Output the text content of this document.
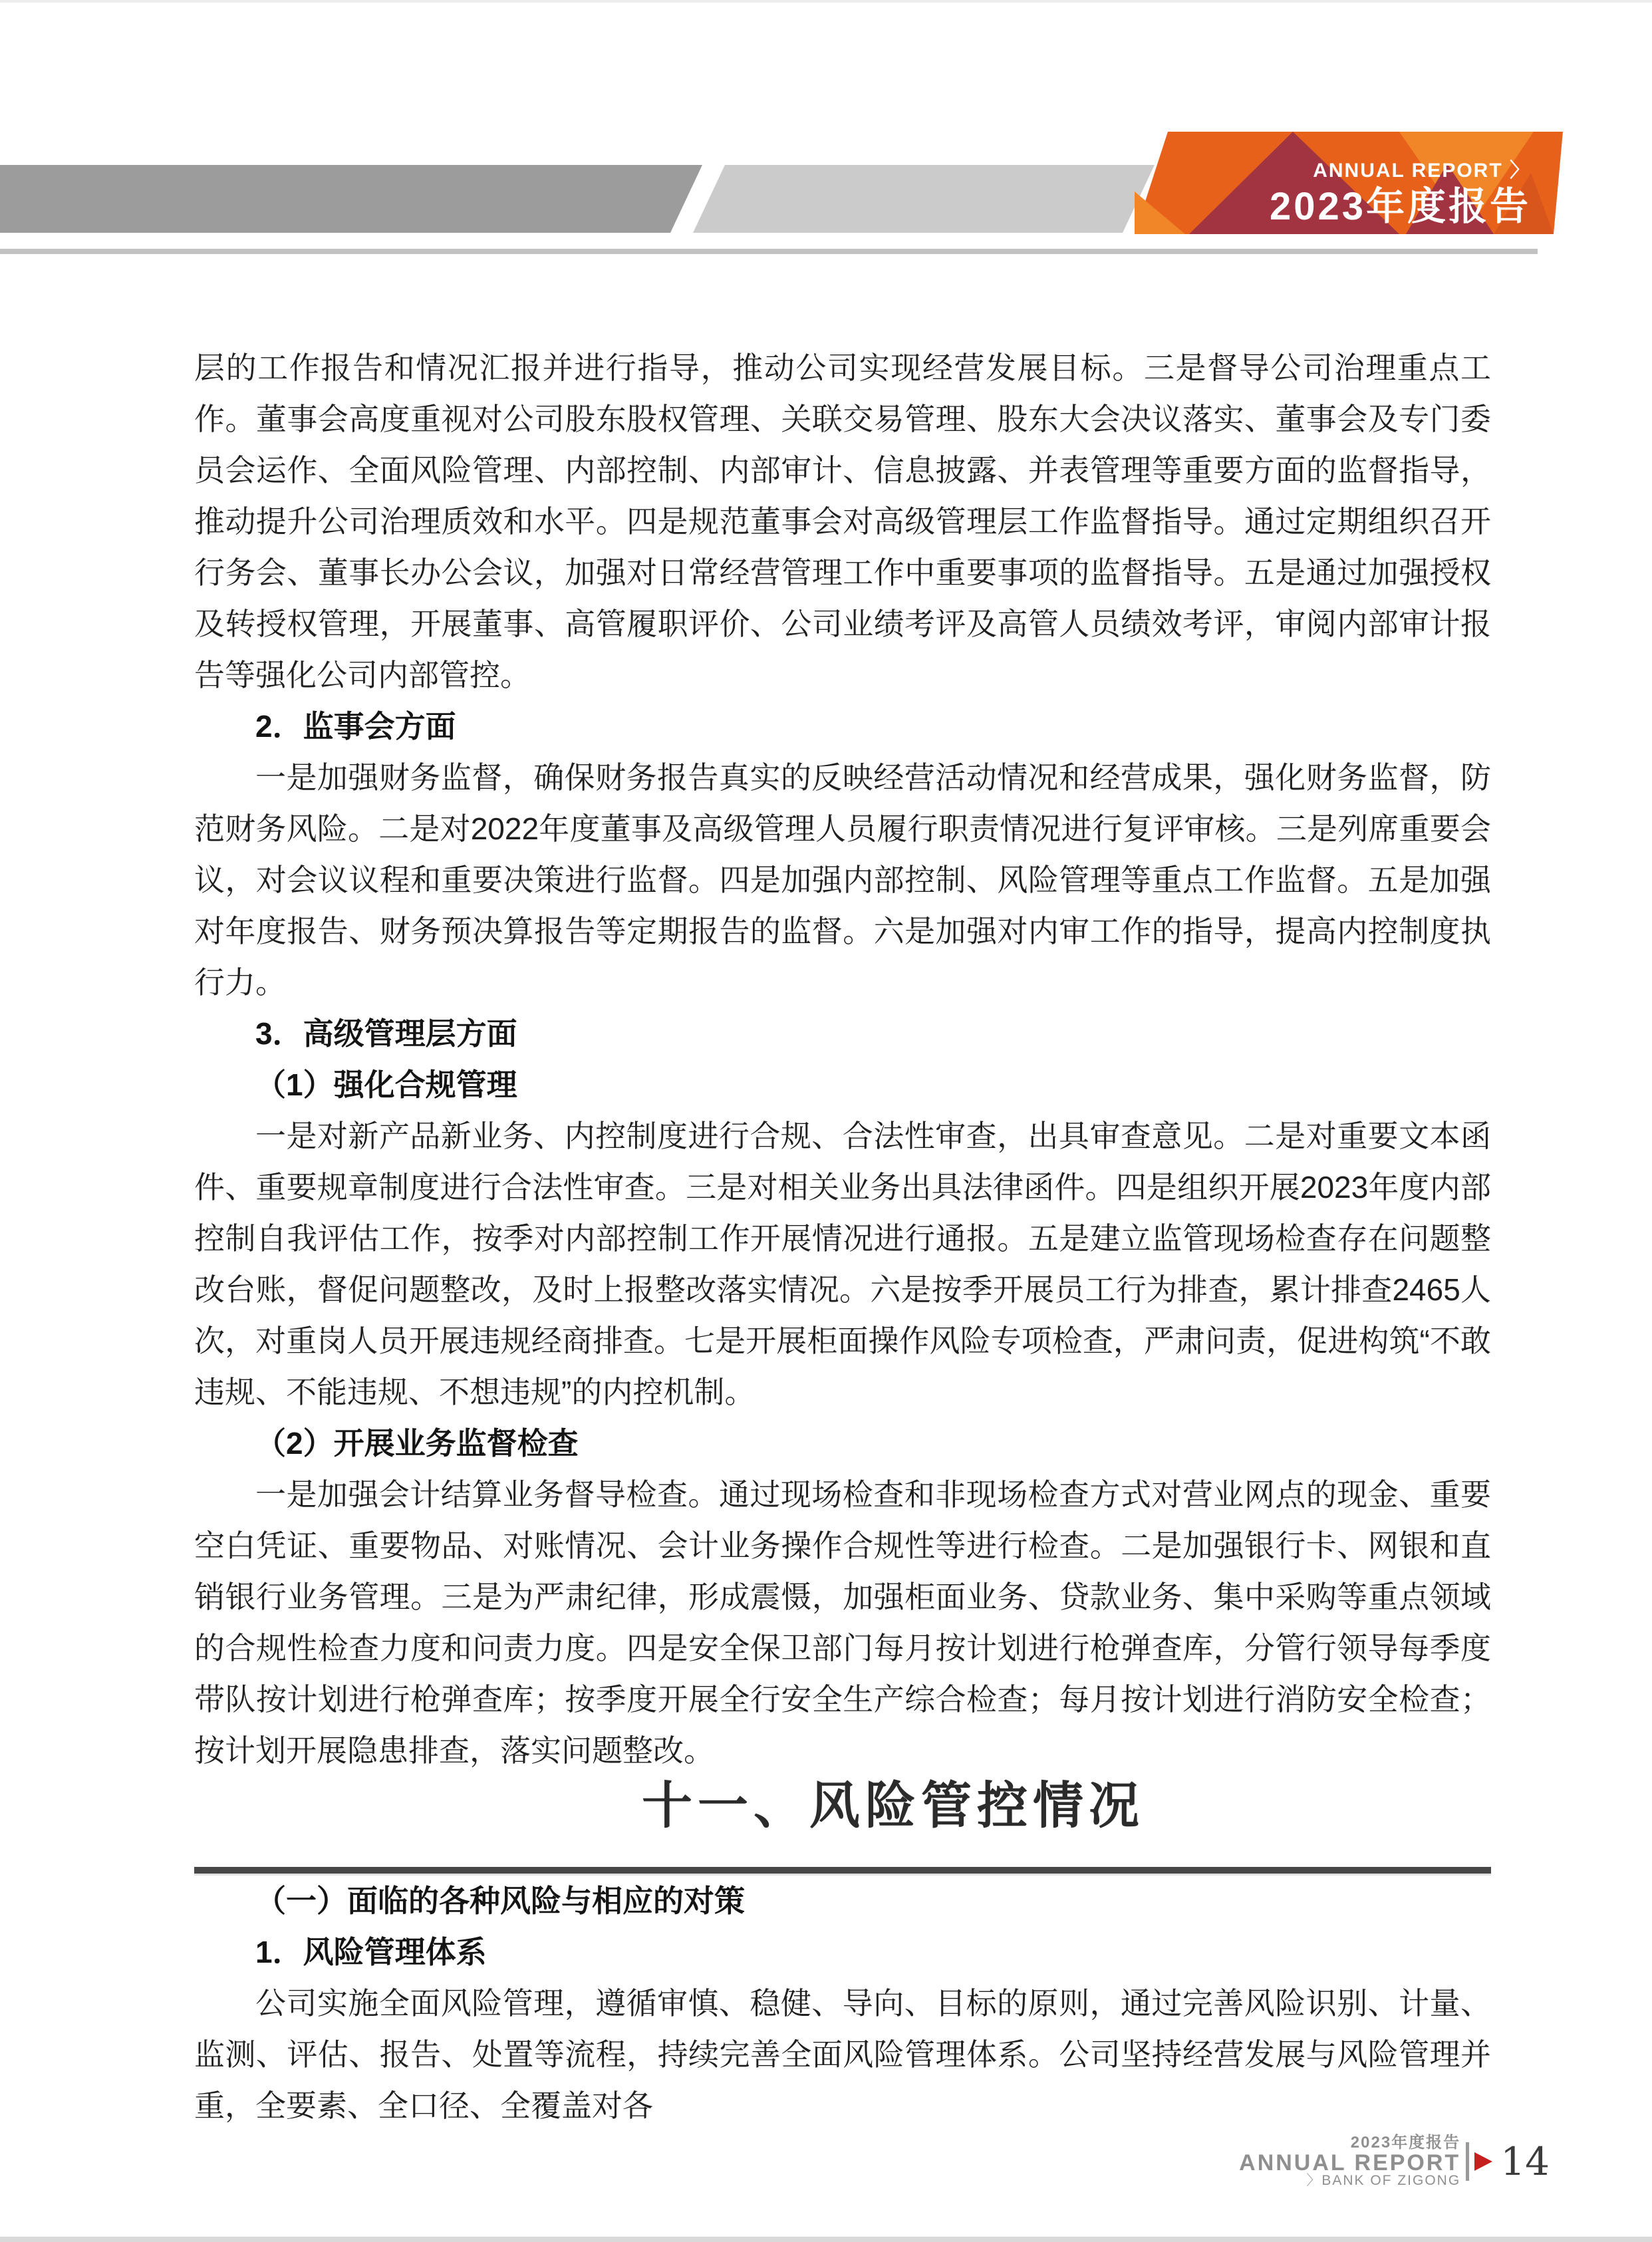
ANNUAL REPORT 〉
2023年度报告

层的工作报告和情况汇报并进行指导，推动公司实现经营发展目标。三是督导公司治理重点工作。董事会高度重视对公司股东股权管理、关联交易管理、股东大会决议落实、董事会及专门委员会运作、全面风险管理、内部控制、内部审计、信息披露、并表管理等重要方面的监督指导，推动提升公司治理质效和水平。四是规范董事会对高级管理层工作监督指导。通过定期组织召开行务会、董事长办公会议，加强对日常经营管理工作中重要事项的监督指导。五是通过加强授权及转授权管理，开展董事、高管履职评价、公司业绩考评及高管人员绩效考评，审阅内部审计报告等强化公司内部管控。

2．监事会方面

一是加强财务监督，确保财务报告真实的反映经营活动情况和经营成果，强化财务监督，防范财务风险。二是对2022年度董事及高级管理人员履行职责情况进行复评审核。三是列席重要会议，对会议议程和重要决策进行监督。四是加强内部控制、风险管理等重点工作监督。五是加强对年度报告、财务预决算报告等定期报告的监督。六是加强对内审工作的指导，提高内控制度执行力。

3．高级管理层方面

（1）强化合规管理

一是对新产品新业务、内控制度进行合规、合法性审查，出具审查意见。二是对重要文本函件、重要规章制度进行合法性审查。三是对相关业务出具法律函件。四是组织开展2023年度内部控制自我评估工作，按季对内部控制工作开展情况进行通报。五是建立监管现场检查存在问题整改台账，督促问题整改，及时上报整改落实情况。六是按季开展员工行为排查，累计排查2465人次，对重岗人员开展违规经商排查。七是开展柜面操作风险专项检查，严肃问责，促进构筑“不敢违规、不能违规、不想违规”的内控机制。

（2）开展业务监督检查

一是加强会计结算业务督导检查。通过现场检查和非现场检查方式对营业网点的现金、重要空白凭证、重要物品、对账情况、会计业务操作合规性等进行检查。二是加强银行卡、网银和直销银行业务管理。三是为严肃纪律，形成震慑，加强柜面业务、贷款业务、集中采购等重点领域的合规性检查力度和问责力度。四是安全保卫部门每月按计划进行枪弹查库，分管行领导每季度带队按计划进行枪弹查库；按季度开展全行安全生产综合检查；每月按计划进行消防安全检查；按计划开展隐患排查，落实问题整改。

十一、风险管控情况

（一）面临的各种风险与相应的对策

1．风险管理体系

公司实施全面风险管理，遵循审慎、稳健、导向、目标的原则，通过完善风险识别、计量、监测、评估、报告、处置等流程，持续完善全面风险管理体系。公司坚持经营发展与风险管理并重，全要素、全口径、全覆盖对各

2023年度报告
ANNUAL REPORT
〉BANK OF ZIGONG 14
